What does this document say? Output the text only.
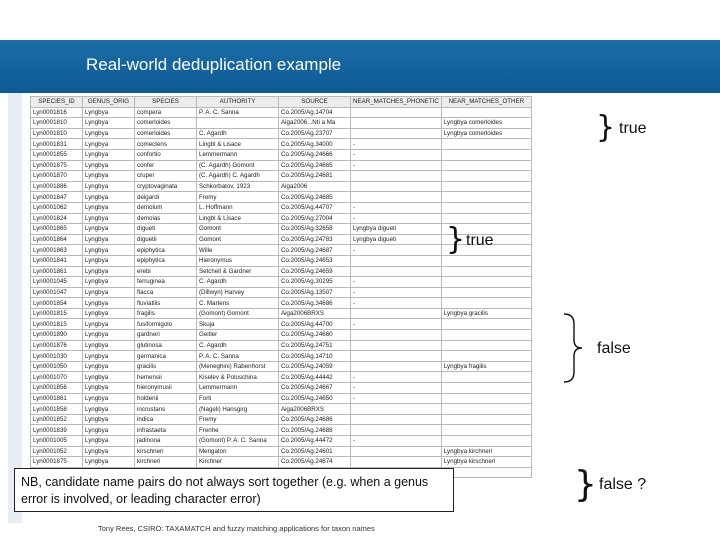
Real-world deduplication example
SPECIES_ID	GENUS_ORIG	SPECIES	AUTHORITY	SOURCE	NEAR_MATCHES_PHONETIC	NEAR_MATCHES_OTHER
Lyn0001816	Lyngbya	compera	P. A. C. Sanna	Co.2005/Ag.14704		
Lyn0001810	Lyngbya	comerloides		Aiga2006...Nti a Ma		Lyngbya comerloides
Lyn0001810	Lyngbya	comerloides	C. Agardh	Co.2005/Ag.23707		Lyngbya comerloides
Lyn0001831	Lyngbya	comectens	Lingbl & Lisace	Co.2005/Ag.34000	-	
Lyn0001855	Lyngbya	confortio	Lemmermann	Co.2005/Ag.24666	-	
Lyn0001875	Lyngbya	confer	(C. Agardh) Gomont	Co.2005/Ag.24665	-	
Lyn0001870	Lyngbya	cruper	(C. Agardh) C. Agardh	Co.2005/Ag.24681		
Lyn0001886	Lyngbya	cryptovaginata	Schkorbatov, 1923	Aiga2006		
Lyn0001847	Lyngbya	deigardi	Fremy	Co.2005/Ag.24685		
Lyn0001062	Lyngbya	demolum	L. Hoffmann	Co.2005/Ag.44707	-	
Lyn0001824	Lyngbya	demolas	Lingbl & Lisace	Co.2005/Ag.27004	-	
Lyn0001865	Lyngbya	digueti	Gomont	Co.2005/Ag.32658	Lyngbya digueti	
Lyn0001864	Lyngbya	diguetii	Gomont	Co.2005/Ag.24783	Lyngbya digueti	
Lyn0001863	Lyngbya	epiphytica	Wille	Co.2005/Ag.24687	-	
Lyn0001841	Lyngbya	epiphytica	Hieronymus	Co.2005/Ag.24653		
Lyn0001861	Lyngbya	erebi	Setchell & Gardner	Co.2005/Ag.24659		
Lyn0001045	Lyngbya	ferruginea	C. Agardh	Co.2005/Ag.30295	-	
Lyn0001047	Lyngbya	flacca	(Dillwyn) Harvey	Co.2005/Ag.13507	-	
Lyn0001854	Lyngbya	fluviatilis	C. Martens	Co.2005/Ag.34686	-	
Lyn0001815	Lyngbya	fragilis	(Gomont) Gomont	Aiga2006BRXS		Lyngbya gracilis
Lyn0001815	Lyngbya	fusiformigolo	Skuja	Co.2005/Ag.44700	-	
Lyn0001890	Lyngbya	gardneri	Geitler	Co.2005/Ag.24660		
Lyn0001876	Lyngbya	glutinosa	C. Agardh	Co.2005/Ag.24751		
Lyn0001030	Lyngbya	germanica	P. A. C. Sanna	Co.2005/Ag.14710		
Lyn0001050	Lyngbya	gracilis	(Meneghini) Rabenhorst	Co.2005/Ag.24059		Lyngbya fragilis
Lyn0001070	Lyngbya	hemensii	Kiselev & Poluschina	Co.2005/Ag.44442	-	
Lyn0001856	Lyngbya	hieronymusii	Lemmermann	Co.2005/Ag.24667	-	
Lyn0001861	Lyngbya	holdenii	Forti	Co.2005/Ag.24650	-	
Lyn0001858	Lyngbya	incrustans	(Nageli) Hansgirg	Aiga2006BRXS		
Lyn0001852	Lyngbya	indica	Fremy	Co.2005/Ag.24686		
Lyn0001839	Lyngbya	infrastaeta	Frenhe	Co.2005/Ag.24688		
Lyn0001005	Lyngbya	jadinona	(Gomont) P. A. C. Sanna	Co.2005/Ag.44472	-	
Lyn0001052	Lyngbya	kirschneri	Mengaton	Co.2005/Ag.24601		Lyngbya kirchneri
Lyn0001875	Lyngbya	kirchneri	Kirchner	Co.2005/Ag.24674		Lyngbya kirschneri

} true
} true
false
} false ?
NB, candidate name pairs do not always sort together (e.g. when a genus error is involved, or leading character error)
Tony Rees, CSIRO: TAXAMATCH and fuzzy matching applications for taxon names
